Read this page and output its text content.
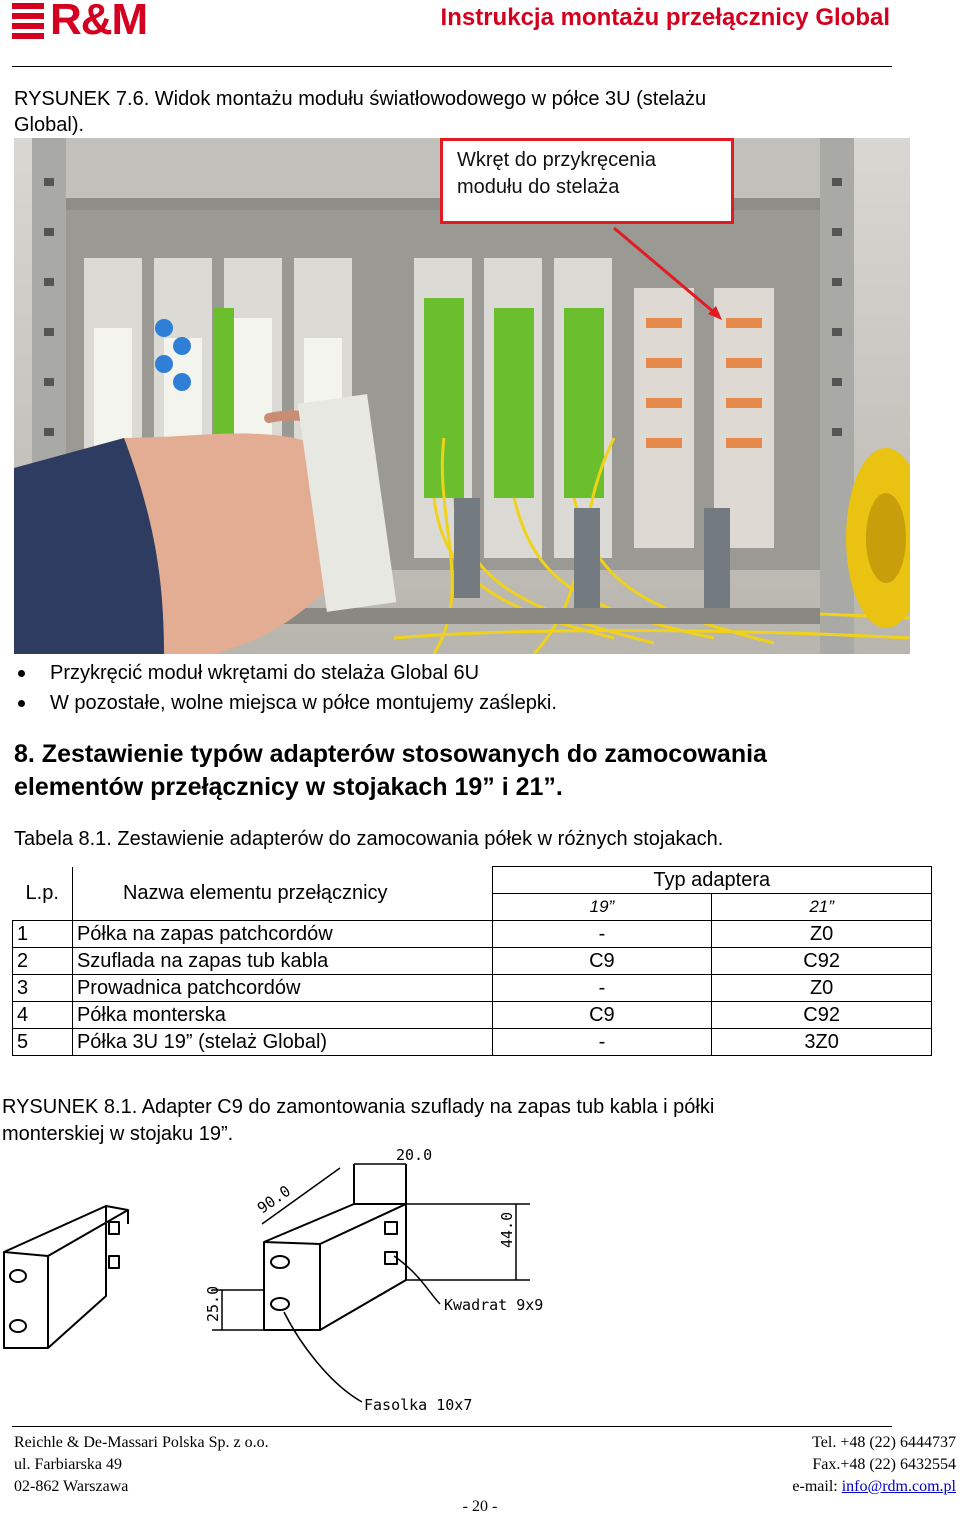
R&M	Instrukcja montażu przełącznicy Global
RYSUNEK 7.6. Widok montażu modułu światłowodowego w półce 3U (stelażu
Global).
Wkręt do przykręcenia
modułu do stelaża
Przykręcić moduł wkrętami do stelaża Global 6U
W pozostałe, wolne miejsca w półce montujemy zaślepki.
8. Zestawienie typów adapterów stosowanych do zamocowania
elementów przełącznicy w stojakach 19” i 21”.
Tabela 8.1. Zestawienie adapterów do zamocowania półek w różnych stojakach.
L.p.	Nazwa elementu przełącznicy	Typ adaptera	
		19”	21”
1	Półka na zapas patchcordów	-	Z0
2	Szuflada na zapas tub kabla	C9	C92
3	Prowadnica patchcordów	-	Z0
4	Półka monterska	C9	C92
5	Półka 3U 19” (stelaż Global)	-	3Z0
RYSUNEK 8.1. Adapter C9 do zamontowania szuflady na zapas tub kabla i półki
monterskiej w stojaku 19”.
20.0
90.0
44.0
25.0	Kwadrat 9x9
Fasolka 10x7
Reichle & De-Massari Polska Sp. z o.o.
ul. Farbiarska 49
02-862 Warszawa
Tel. +48 (22) 6444737
Fax.+48 (22) 6432554
e-mail: info@rdm.com.pl
- 20 -
